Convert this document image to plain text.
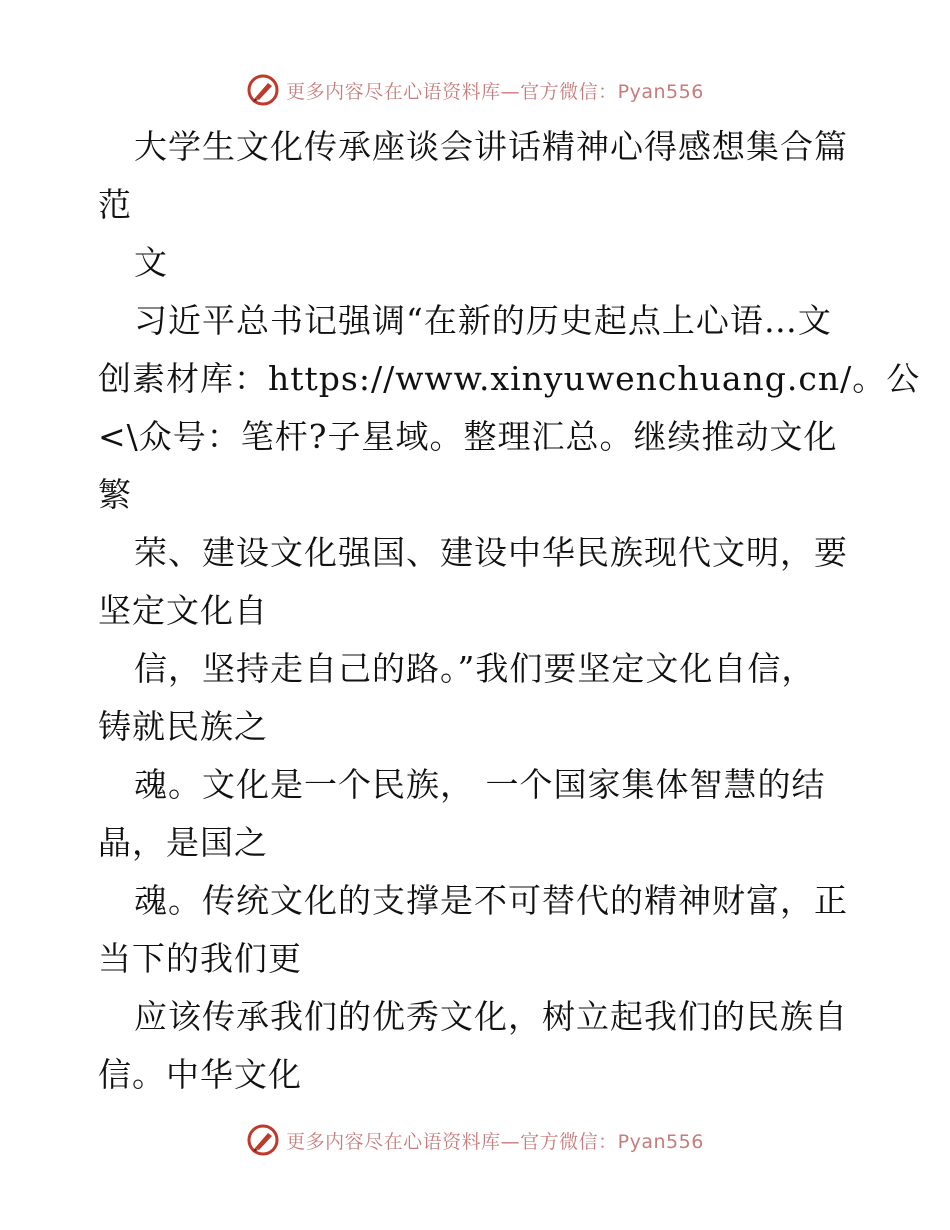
更多内容尽在心语资料库—官方微信：Pyan556
大学生文化传承座谈会讲话精神心得感想集合篇
范
文
习近平总书记强调“在新的历史起点上心语…文
创素材库：https://www.xinyuwenchuang.cn/。公
<\众号：笔杆?子星域。整理汇总。继续推动文化
繁
荣、建设文化强国、建设中华民族现代文明，要
坚定文化自
信，坚持走自己的路。”我们要坚定文化自信，
铸就民族之
魂。文化是一个民族， 一个国家集体智慧的结
晶，是国之
魂。传统文化的支撑是不可替代的精神财富，正
当下的我们更
应该传承我们的优秀文化，树立起我们的民族自
信。中华文化
更多内容尽在心语资料库—官方微信：Pyan556
